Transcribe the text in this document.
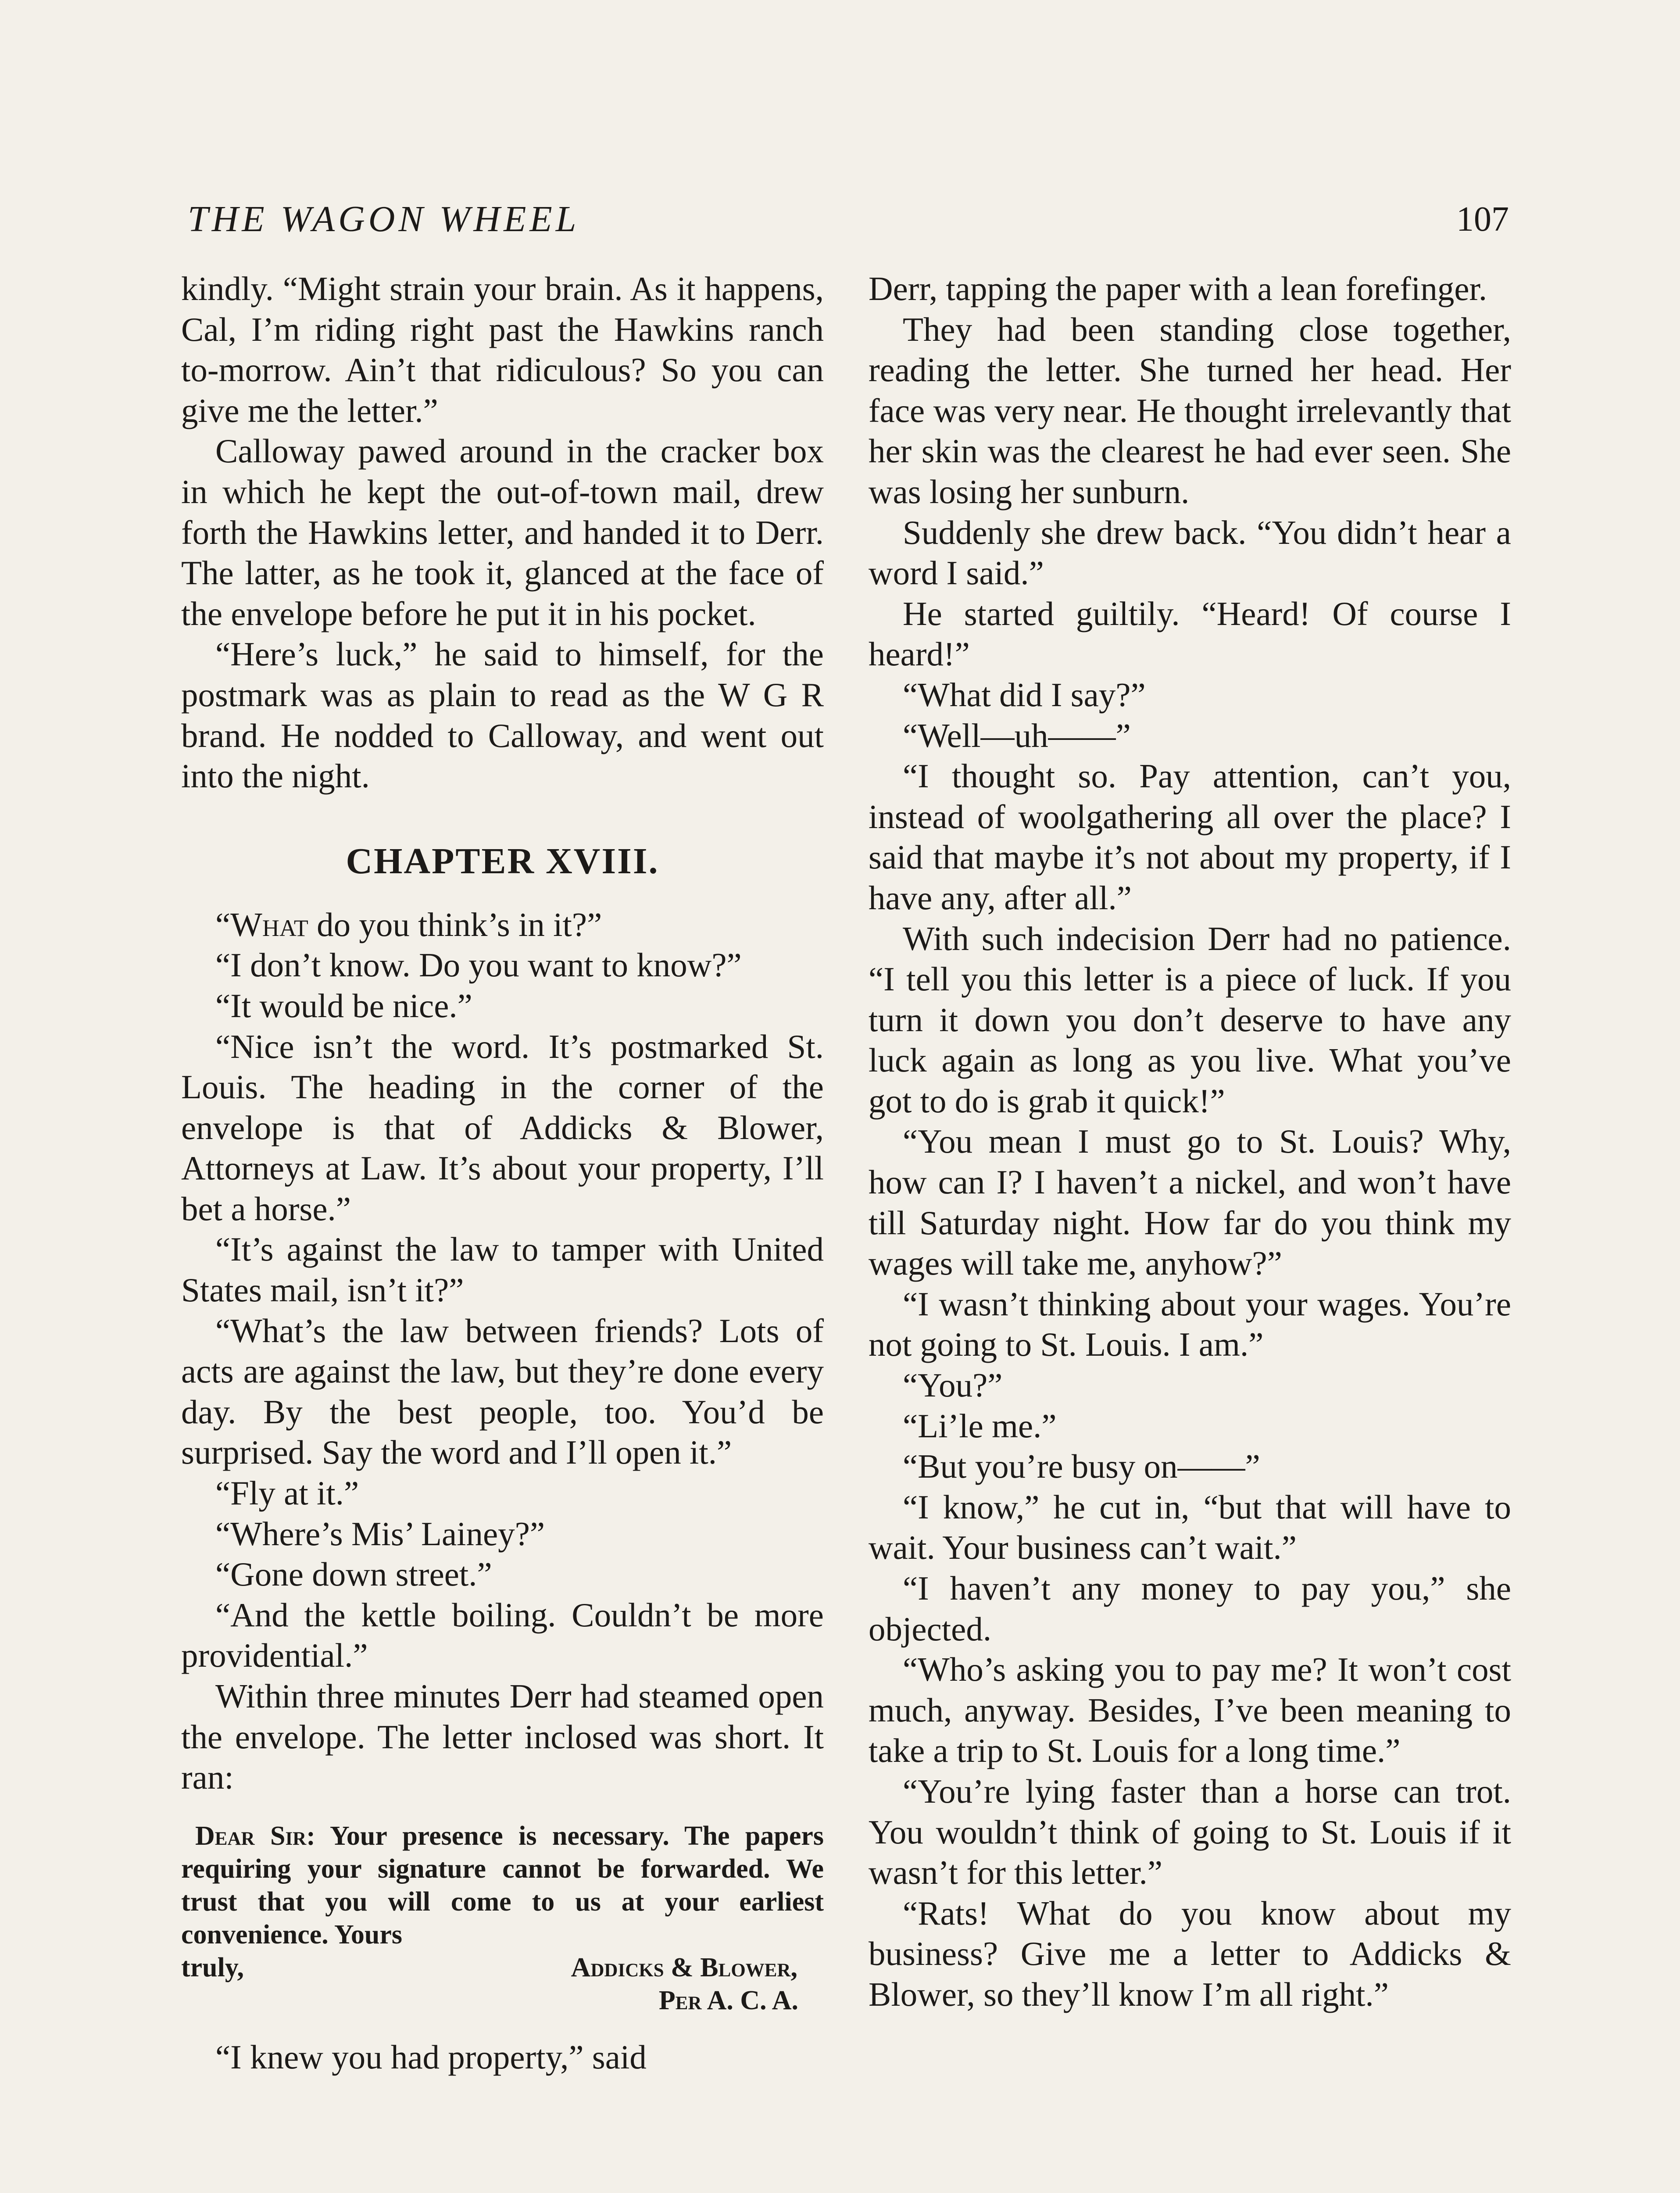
THE WAGON WHEEL	107

kindly. “Might strain your brain. As it happens, Cal, I’m riding right past the Hawkins ranch to-morrow. Ain’t that ridiculous? So you can give me the letter.”

Calloway pawed around in the cracker box in which he kept the out-of-town mail, drew forth the Hawkins letter, and handed it to Derr. The latter, as he took it, glanced at the face of the envelope before he put it in his pocket.

“Here’s luck,” he said to himself, for the postmark was as plain to read as the W G R brand. He nodded to Calloway, and went out into the night.

CHAPTER XVIII.

“What do you think’s in it?”

“I don’t know. Do you want to know?”

“It would be nice.”

“Nice isn’t the word. It’s postmarked St. Louis. The heading in the corner of the envelope is that of Addicks & Blower, Attorneys at Law. It’s about your property, I’ll bet a horse.”

“It’s against the law to tamper with United States mail, isn’t it?”

“What’s the law between friends? Lots of acts are against the law, but they’re done every day. By the best people, too. You’d be surprised. Say the word and I’ll open it.”

“Fly at it.”

“Where’s Mis’ Lainey?”

“Gone down street.”

“And the kettle boiling. Couldn’t be more providential.”

Within three minutes Derr had steamed open the envelope. The letter inclosed was short. It ran:

Dear Sir: Your presence is necessary. The papers requiring your signature cannot be forwarded. We trust that you will come to us at your earliest convenience. Yours

truly,	Addicks & Blower,

Per A. C. A.

“I knew you had property,” said

Derr, tapping the paper with a lean forefinger.

They had been standing close together, reading the letter. She turned her head. Her face was very near. He thought irrelevantly that her skin was the clearest he had ever seen. She was losing her sunburn.

Suddenly she drew back. “You didn’t hear a word I said.”

He started guiltily. “Heard! Of course I heard!”

“What did I say?”

“Well—uh——”

“I thought so. Pay attention, can’t you, instead of woolgathering all over the place? I said that maybe it’s not about my property, if I have any, after all.”

With such indecision Derr had no patience. “I tell you this letter is a piece of luck. If you turn it down you don’t deserve to have any luck again as long as you live. What you’ve got to do is grab it quick!”

“You mean I must go to St. Louis? Why, how can I? I haven’t a nickel, and won’t have till Saturday night. How far do you think my wages will take me, anyhow?”

“I wasn’t thinking about your wages. You’re not going to St. Louis. I am.”

“You?”

“Li’le me.”

“But you’re busy on——”

“I know,” he cut in, “but that will have to wait. Your business can’t wait.”

“I haven’t any money to pay you,” she objected.

“Who’s asking you to pay me? It won’t cost much, anyway. Besides, I’ve been meaning to take a trip to St. Louis for a long time.”

“You’re lying faster than a horse can trot. You wouldn’t think of going to St. Louis if it wasn’t for this letter.”

“Rats! What do you know about my business? Give me a letter to Addicks & Blower, so they’ll know I’m all right.”
